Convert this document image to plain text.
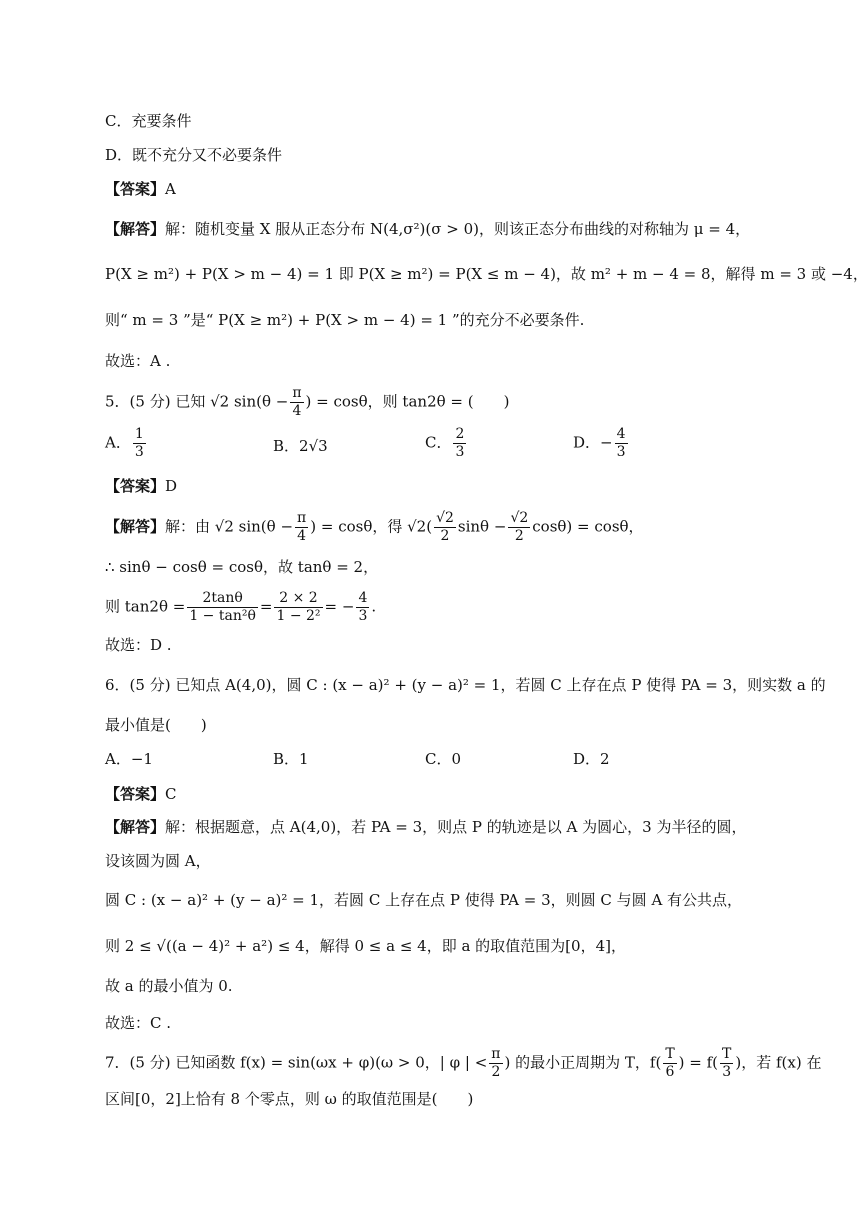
C．充要条件
D．既不充分又不必要条件
【答案】A
【解答】解：随机变量 X 服从正态分布 N(4,σ²)(σ > 0)，则该正态分布曲线的对称轴为 μ = 4，
P(X ≥ m²) + P(X > m − 4) = 1 即 P(X ≥ m²) = P(X ≤ m − 4)，故 m² + m − 4 = 8，解得 m = 3 或 −4，
则“ m = 3 ”是“ P(X ≥ m²) + P(X > m − 4) = 1 ”的充分不必要条件.
故选：A .
5．(5 分) 已知 √2 $\sin(\theta - \frac{\pi}{4}$ ) = cosθ，则 tan2θ = (　　)
A． $\frac{1}{3}$	B．2√3	C． $\frac{2}{3}$	D．− $\frac{4}{3}$
【答案】D
【解答】解：由 √2 $\sin(\theta - \frac{\pi}{4}$ ) = cosθ，得 $√2( \frac{√2}{2}$ $\sin\theta - \frac{√2}{2} \cos\theta) = \cos\theta$，
∴ sinθ − cosθ = cosθ，故 tanθ = 2，
则 $\tan 2\theta = \frac{2\tan\theta}{\text{1 − tan²θ}} = \frac{2 \times 2}{\text{1 − 2²}}$ = − $\frac{4}{3}$ .
故选：D .
6．(5 分) 已知点 A(4,0)，圆 C : (x − a)² + (y − a)² = 1，若圆 C 上存在点 P 使得 PA = 3，则实数 a 的
最小值是(　　)
A．−1	B．1	C．0	D．2
【答案】C
【解答】解：根据题意，点 A(4,0)，若 PA = 3，则点 P 的轨迹是以 A 为圆心，3 为半径的圆，
设该圆为圆 A，
圆 C : (x − a)² + (y − a)² = 1，若圆 C 上存在点 P 使得 PA = 3，则圆 C 与圆 A 有公共点，
则 2 ≤ √((a − 4)² + a²) ≤ 4，解得 0 ≤ a ≤ 4，即 a 的取值范围为[0，4]，
故 a 的最小值为 0.
故选：C .
7．(5 分) 已知函数 f(x) = sin(ωx + φ)(ω > 0，| φ | < $\frac{\pi}{2}$ ) 的最小正周期为 T，$f( \frac{T}{6}$ ) = $f( \frac{T}{3}$ )，若 f(x) 在
区间[0，2]上恰有 8 个零点，则 ω 的取值范围是(　　)
